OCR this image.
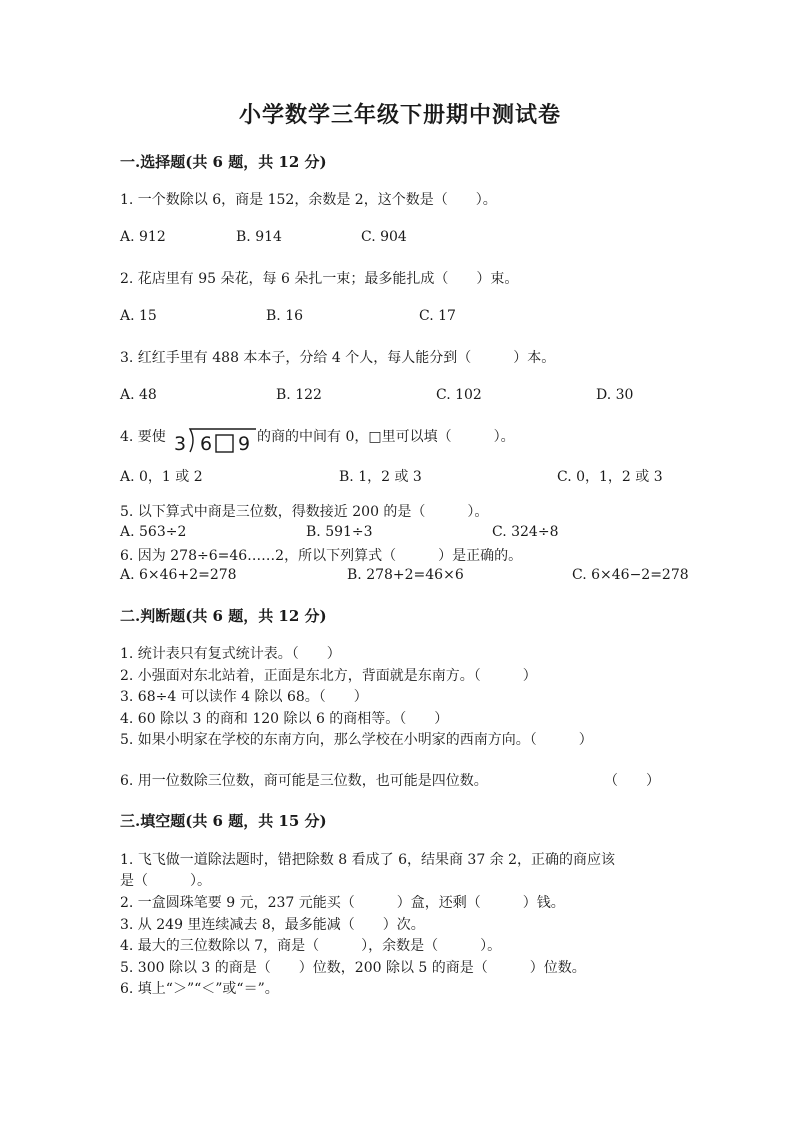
小学数学三年级下册期中测试卷
一.选择题(共 6 题，共 12 分)
1. 一个数除以 6，商是 152，余数是 2，这个数是（　　）。
A. 912	B. 914	C. 904
2. 花店里有 95 朵花，每 6 朵扎一束；最多能扎成（　　）束。
A. 15	B. 16	C. 17
3. 红红手里有 488 本本子，分给 4 个人，每人能分到（　　　）本。
A. 48	B. 122	C. 102	D. 30
4. 要使 3 6 9 的商的中间有 0，□里可以填（　　　）。
A. 0，1 或 2	B. 1，2 或 3	C. 0，1，2 或 3
5. 以下算式中商是三位数，得数接近 200 的是（　　　）。
A. 563÷2	B. 591÷3	C. 324÷8
6. 因为 278÷6=46……2，所以下列算式（　　　）是正确的。
A. 6×46+2=278	B. 278+2=46×6	C. 6×46−2=278
二.判断题(共 6 题，共 12 分)
1. 统计表只有复式统计表。（　　）
2. 小强面对东北站着，正面是东北方，背面就是东南方。（　　　）
3. 68÷4 可以读作 4 除以 68。（　　）
4. 60 除以 3 的商和 120 除以 6 的商相等。（　　）
5. 如果小明家在学校的东南方向，那么学校在小明家的西南方向。（　　　）
6. 用一位数除三位数，商可能是三位数，也可能是四位数。	（　　）
三.填空题(共 6 题，共 15 分)
1. 飞飞做一道除法题时，错把除数 8 看成了 6，结果商 37 余 2，正确的商应该
是（　　　）。
2. 一盒圆珠笔要 9 元，237 元能买（　　　）盒，还剩（　　　）钱。
3. 从 249 里连续减去 8，最多能减（　　）次。
4. 最大的三位数除以 7，商是（　　　），余数是（　　　）。
5. 300 除以 3 的商是（　　）位数，200 除以 5 的商是（　　　）位数。
6. 填上“＞”“＜”或“＝”。
